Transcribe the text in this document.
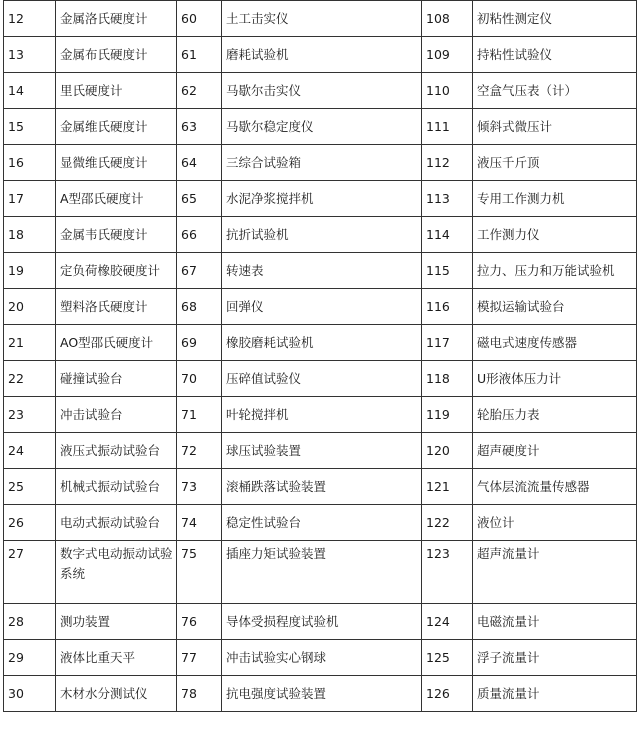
12	金属洛氏硬度计	60	土工击实仪	108	初粘性测定仪
13	金属布氏硬度计	61	磨耗试验机	109	持粘性试验仪
14	里氏硬度计	62	马歇尔击实仪	110	空盒气压表（计）
15	金属维氏硬度计	63	马歇尔稳定度仪	111	倾斜式微压计
16	显微维氏硬度计	64	三综合试验箱	112	液压千斤顶
17	A型邵氏硬度计	65	水泥净浆搅拌机	113	专用工作测力机
18	金属韦氏硬度计	66	抗折试验机	114	工作测力仪
19	定负荷橡胶硬度计	67	转速表	115	拉力、压力和万能试验机
20	塑料洛氏硬度计	68	回弹仪	116	模拟运输试验台
21	AO型邵氏硬度计	69	橡胶磨耗试验机	117	磁电式速度传感器
22	碰撞试验台	70	压碎值试验仪	118	U形液体压力计
23	冲击试验台	71	叶轮搅拌机	119	轮胎压力表
24	液压式振动试验台	72	球压试验装置	120	超声硬度计
25	机械式振动试验台	73	滚桶跌落试验装置	121	气体层流流量传感器
26	电动式振动试验台	74	稳定性试验台	122	液位计
27	数字式电动振动试验系统	75	插座力矩试验装置	123	超声流量计
28	测功装置	76	导体受损程度试验机	124	电磁流量计
29	液体比重天平	77	冲击试验实心钢球	125	浮子流量计
30	木材水分测试仪	78	抗电强度试验装置	126	质量流量计
